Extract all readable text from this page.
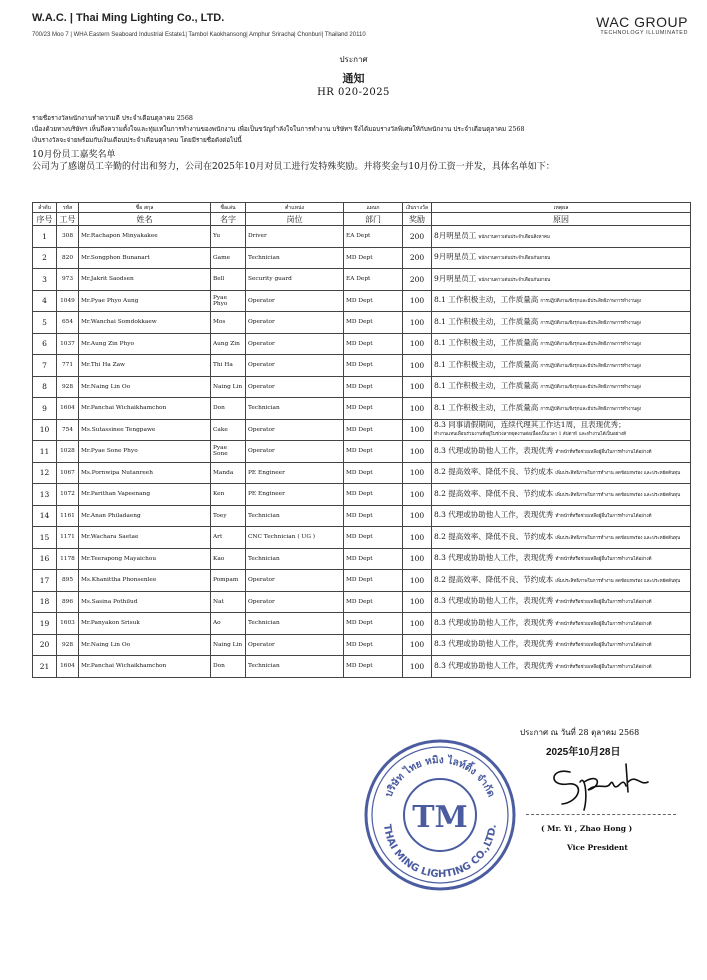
W.A.C. | Thai Ming Lighting Co., LTD.
700/23 Moo 7 | WHA Eastern Seaboard Industrial Estate1| Tambol Kaokhansong| Amphur Sriracha| Chonburi| Thailand 20110
WAC GROUP
TECHNOLOGY ILLUMINATED
ประกาศ
通知
HR 020-2025
รายชื่อรางวัลพนักงานทำความดี ประจำเดือนตุลาคม 2568
เนื่องด้วยทางบริษัทฯ เห็นถึงความตั้งใจและทุ่มเทในการทำงานของพนักงาน เพื่อเป็นขวัญกำลังใจในการทำงาน บริษัทฯ จึงได้มอบรางวัลพิเศษให้กับพนักงาน ประจำเดือนตุลาคม 2568
เงินรางวัลจะจ่ายพร้อมกับเงินเดือนประจำเดือนตุลาคม โดยมีรายชื่อดังต่อไปนี้
10月份员工嘉奖名单
公司为了感谢员工辛勤的付出和努力，公司在2025年10月对员工进行发特殊奖励。并将奖金与10月份工资一并发，具体名单如下：
ลำดับ	รหัส	ชื่อ สกุล	ชื่อเล่น	ตำแหน่ง	แผนก	เงินรางวัล	เหตุผล
序号	工号	姓名	名字	岗位	部门	奖励	原因
1	308	Mr.Rachapon Minyakakee	Yu	Driver	EA Dept	200	8月明星员工 พนักงานดาวเด่นประจำเดือนสิงหาคม
2	820	Mr.Songphon Bunanart	Game	Technician	MD Dept	200	9月明星员工 พนักงานดาวเด่นประจำเดือนกันยายน
3	973	Mr.Jakrit Saodsen	Bell	Security guard	EA Dept	200	9月明星员工 พนักงานดาวเด่นประจำเดือนกันยายน
4	1049	Mr.Pyae Phyo Aung	Pyae Phyo	Operator	MD Dept	100	8.1 工作积极主动，工作质量高 การปฏิบัติงานเชิงรุกและมีประสิทธิภาพการทำงานสูง
5	654	Mr.Wanchai Somdokkaew	Mos	Operator	MD Dept	100	8.1 工作积极主动，工作质量高 การปฏิบัติงานเชิงรุกและมีประสิทธิภาพการทำงานสูง
6	1037	Mr.Aung Zin Phyo	Aung Zin	Operator	MD Dept	100	8.1 工作积极主动，工作质量高 การปฏิบัติงานเชิงรุกและมีประสิทธิภาพการทำงานสูง
7	771	Mr.Thi Ha Zaw	Thi Ha	Operator	MD Dept	100	8.1 工作积极主动，工作质量高 การปฏิบัติงานเชิงรุกและมีประสิทธิภาพการทำงานสูง
8	928	Mr.Naing Lin Oo	Naing Lin	Operator	MD Dept	100	8.1 工作积极主动，工作质量高 การปฏิบัติงานเชิงรุกและมีประสิทธิภาพการทำงานสูง
9	1604	Mr.Panchai Wichaikhamchon	Don	Technician	MD Dept	100	8.1 工作积极主动，工作质量高 การปฏิบัติงานเชิงรุกและมีประสิทธิภาพการทำงานสูง
10	754	Ms.Sutassinee Tengpawe	Cake	Operator	MD Dept	100	8.3 同事请假期间，连续代理其工作达1周，且表现优秀；
ทำงานแทนเพื่อนร่วมงานที่อยู่ในช่วงลาหยุดงานต่อเนื่องเป็นเวลา 1 สัปดาห์ และทำงานได้เป็นอย่างดี
11	1028	Mr.Pyae Sone Phyo	Pyae Sone	Operator	MD Dept	100	8.3 代理或协助他人工作，表现优秀 ทำหน้าที่หรือช่วยเหลือผู้อื่นในการทำงานได้อย่างดี
12	1067	Ms.Pornwipa Nutanreeh	Manda	PE Engineer	MD Dept	100	8.2 提高效率、降低不良、节约成本 เพิ่มประสิทธิภาพในการทำงาน ลดข้อบกพร่อง และประหยัดต้นทุน
13	1072	Mr.Parithan Vapeenang	Ken	PE Engineer	MD Dept	100	8.2 提高效率、降低不良、节约成本 เพิ่มประสิทธิภาพในการทำงาน ลดข้อบกพร่อง และประหยัดต้นทุน
14	1161	Mr.Anan Philadaeng	Toey	Technician	MD Dept	100	8.3 代理或协助他人工作，表现优秀 ทำหน้าที่หรือช่วยเหลือผู้อื่นในการทำงานได้อย่างดี
15	1171	Mr.Wachara Saetae	Art	CNC Technician ( UG )	MD Dept	100	8.2 提高效率、降低不良、节约成本 เพิ่มประสิทธิภาพในการทำงาน ลดข้อบกพร่อง และประหยัดต้นทุน
16	1178	Mr.Teerapong Mayaichou	Kao	Technician	MD Dept	100	8.3 代理或协助他人工作，表现优秀 ทำหน้าที่หรือช่วยเหลือผู้อื่นในการทำงานได้อย่างดี
17	895	Ms.Khanittha Phonsenlee	Pompam	Operator	MD Dept	100	8.2 提高效率、降低不良、节约成本 เพิ่มประสิทธิภาพในการทำงาน ลดข้อบกพร่อง และประหยัดต้นทุน
18	896	Ms.Sasina Pothilud	Nat	Operator	MD Dept	100	8.3 代理或协助他人工作，表现优秀 ทำหน้าที่หรือช่วยเหลือผู้อื่นในการทำงานได้อย่างดี
19	1603	Mr.Panyakon Srisuk	Ao	Technician	MD Dept	100	8.3 代理或协助他人工作，表现优秀 ทำหน้าที่หรือช่วยเหลือผู้อื่นในการทำงานได้อย่างดี
20	928	Mr.Naing Lin Oo	Naing Lin	Operator	MD Dept	100	8.3 代理或协助他人工作，表现优秀 ทำหน้าที่หรือช่วยเหลือผู้อื่นในการทำงานได้อย่างดี
21	1604	Mr.Panchai Wichaikhamchon	Don	Technician	MD Dept	100	8.3 代理或协助他人工作，表现优秀 ทำหน้าที่หรือช่วยเหลือผู้อื่นในการทำงานได้อย่างดี
ประกาศ ณ วันที่ 28 ตุลาคม 2568
2025年10月28日
( Mr. Yi , Zhao Hong )
Vice President
บริษัท ไทย หมิง ไลท์ติ้ง จำกัด
THAI MING LIGHTING CO.,LTD.
TM
